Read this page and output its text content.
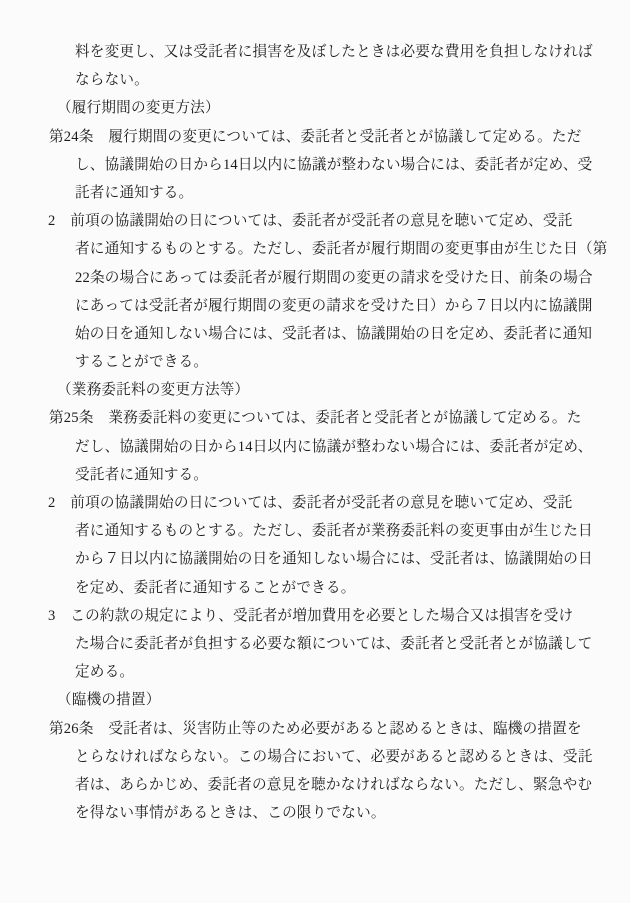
料を変更し、又は受託者に損害を及ぼしたときは必要な費用を負担しなければ
ならない。
（履行期間の変更方法）
第24条　履行期間の変更については、委託者と受託者とが協議して定める。ただ
し、協議開始の日から14日以内に協議が整わない場合には、委託者が定め、受
託者に通知する。
2　前項の協議開始の日については、委託者が受託者の意見を聴いて定め、受託
者に通知するものとする。ただし、委託者が履行期間の変更事由が生じた日（第
22条の場合にあっては委託者が履行期間の変更の請求を受けた日、前条の場合
にあっては受託者が履行期間の変更の請求を受けた日）から７日以内に協議開
始の日を通知しない場合には、受託者は、協議開始の日を定め、委託者に通知
することができる。
（業務委託料の変更方法等）
第25条　業務委託料の変更については、委託者と受託者とが協議して定める。た
だし、協議開始の日から14日以内に協議が整わない場合には、委託者が定め、
受託者に通知する。
2　前項の協議開始の日については、委託者が受託者の意見を聴いて定め、受託
者に通知するものとする。ただし、委託者が業務委託料の変更事由が生じた日
から７日以内に協議開始の日を通知しない場合には、受託者は、協議開始の日
を定め、委託者に通知することができる。
3　この約款の規定により、受託者が増加費用を必要とした場合又は損害を受け
た場合に委託者が負担する必要な額については、委託者と受託者とが協議して
定める。
（臨機の措置）
第26条　受託者は、災害防止等のため必要があると認めるときは、臨機の措置を
とらなければならない。この場合において、必要があると認めるときは、受託
者は、あらかじめ、委託者の意見を聴かなければならない。ただし、緊急やむ
を得ない事情があるときは、この限りでない。
